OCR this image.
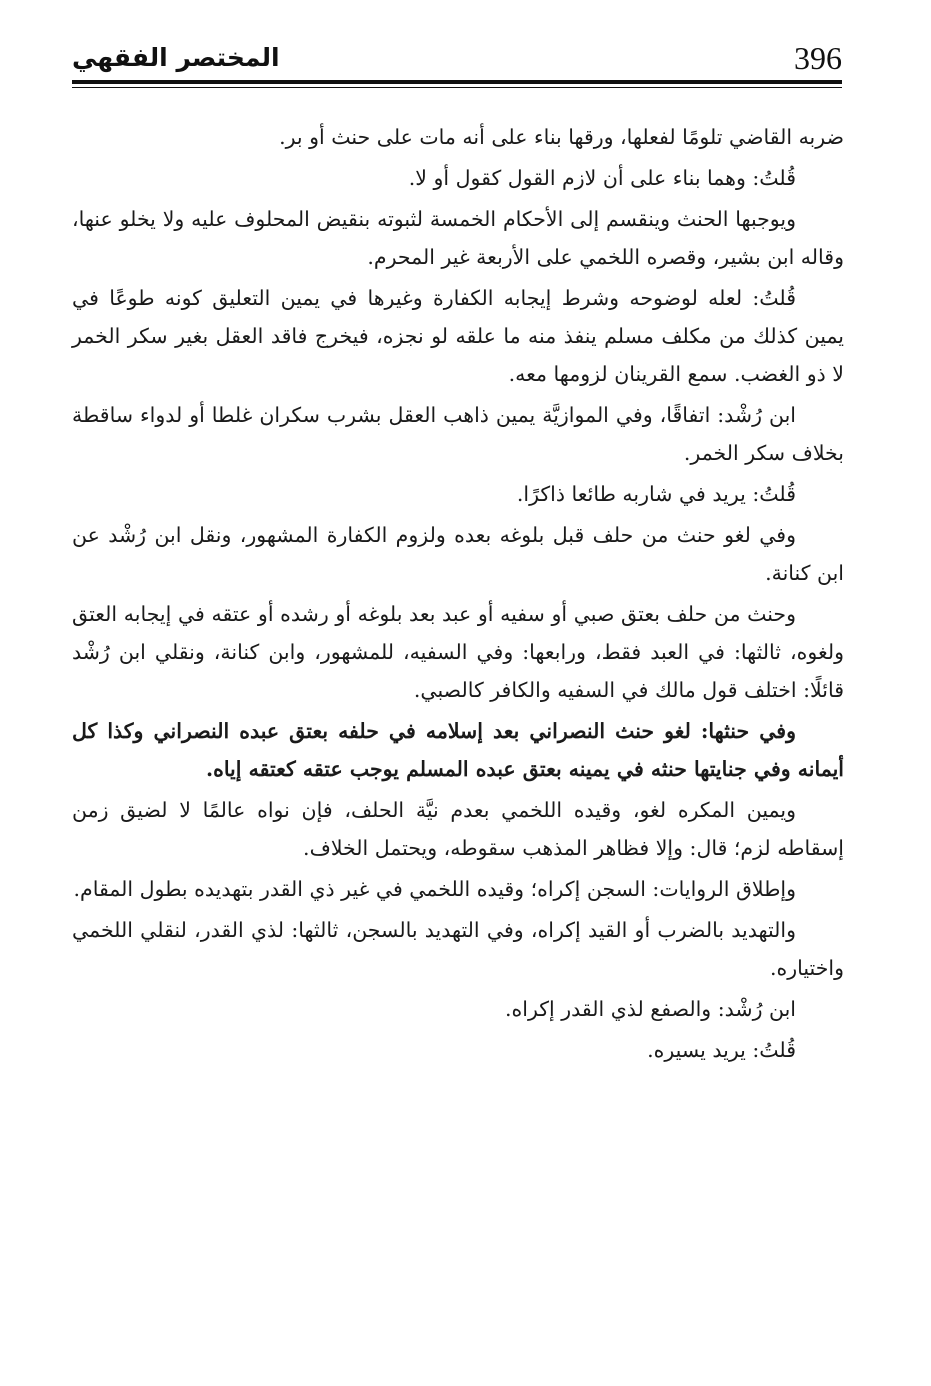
396
المختصر الفقهي

ضربه القاضي تلومًا لفعلها، ورقها بناء على أنه مات على حنث أو بر.

قُلتُ: وهما بناء على أن لازم القول كقول أو لا.

ويوجبها الحنث وينقسم إلى الأحكام الخمسة لثبوته بنقيض المحلوف عليه ولا يخلو عنها، وقاله ابن بشير، وقصره اللخمي على الأربعة غير المحرم.

قُلتُ: لعله لوضوحه وشرط إيجابه الكفارة وغيرها في يمين التعليق كونه طوعًا في يمين كذلك من مكلف مسلم ينفذ منه ما علقه لو نجزه، فيخرج فاقد العقل بغير سكر الخمر لا ذو الغضب. سمع القرينان لزومها معه.

ابن رُشْد: اتفاقًا، وفي الموازيَّة يمين ذاهب العقل بشرب سكران غلطا أو لدواء ساقطة بخلاف سكر الخمر.

قُلتُ: يريد في شاربه طائعا ذاكرًا.

وفي لغو حنث من حلف قبل بلوغه بعده ولزوم الكفارة المشهور، ونقل ابن رُشْد عن ابن كنانة.

وحنث من حلف بعتق صبي أو سفيه أو عبد بعد بلوغه أو رشده أو عتقه في إيجابه العتق ولغوه، ثالثها: في العبد فقط، ورابعها: وفي السفيه، للمشهور، وابن كنانة، ونقلي ابن رُشْد قائلًا: اختلف قول مالك في السفيه والكافر كالصبي.

وفي حنثها: لغو حنث النصراني بعد إسلامه في حلفه بعتق عبده النصراني وكذا كل أيمانه وفي جنايتها حنثه في يمينه بعتق عبده المسلم يوجب عتقه كعتقه إياه.

ويمين المكره لغو، وقيده اللخمي بعدم نيَّة الحلف، فإن نواه عالمًا لا لضيق زمن إسقاطه لزم؛ قال: وإلا فظاهر المذهب سقوطه، ويحتمل الخلاف.

وإطلاق الروايات: السجن إكراه؛ وقيده اللخمي في غير ذي القدر بتهديده بطول المقام.

والتهديد بالضرب أو القيد إكراه، وفي التهديد بالسجن، ثالثها: لذي القدر، لنقلي اللخمي واختياره.

ابن رُشْد: والصفع لذي القدر إكراه.

قُلتُ: يريد يسيره.
